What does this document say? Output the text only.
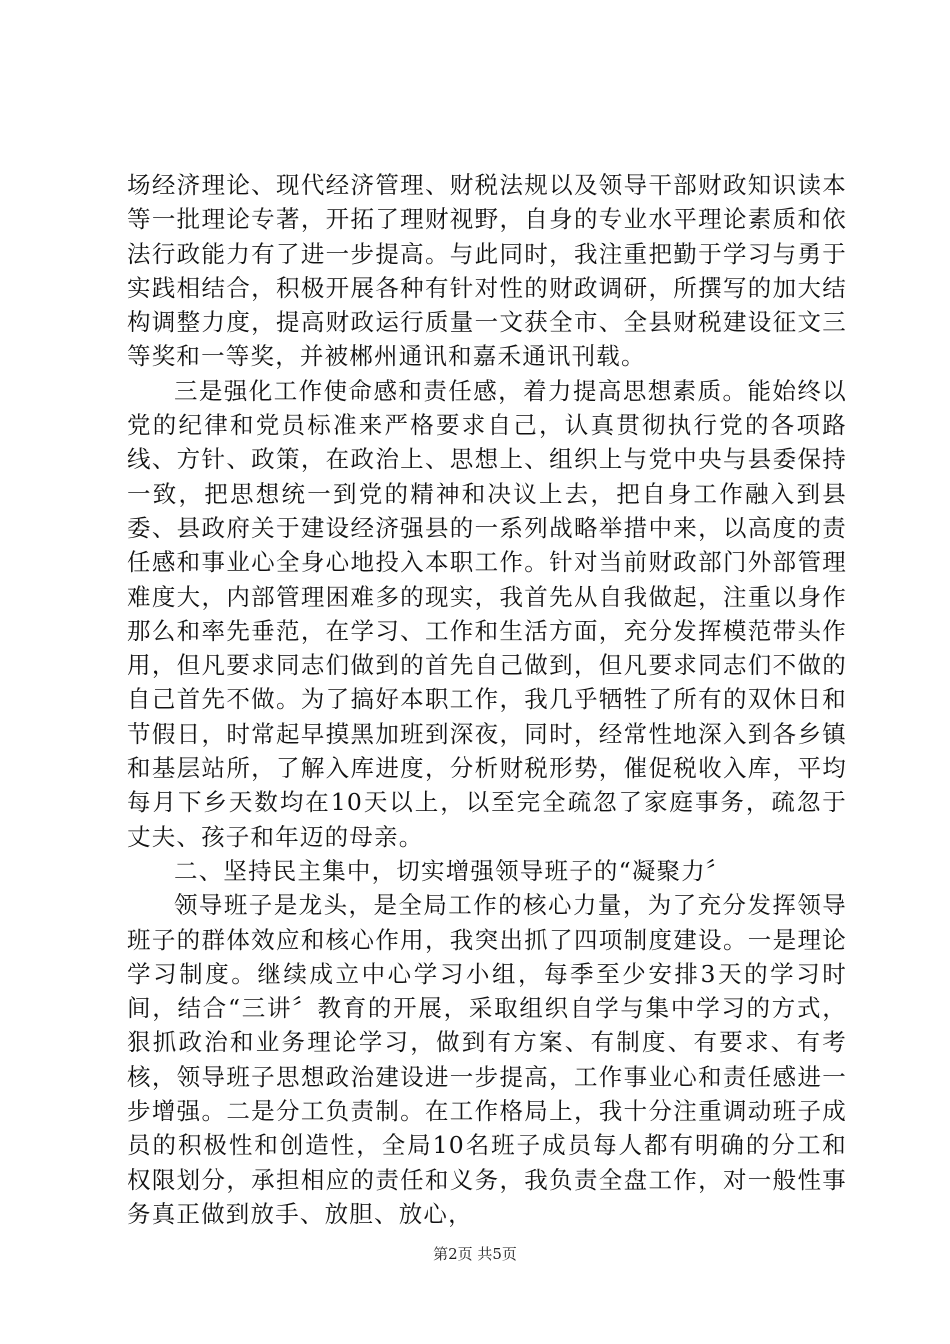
场经济理论、现代经济管理、财税法规以及领导干部财政知识读本等一批理论专著，开拓了理财视野，自身的专业水平理论素质和依法行政能力有了进一步提高。与此同时，我注重把勤于学习与勇于实践相结合，积极开展各种有针对性的财政调研，所撰写的加大结构调整力度，提高财政运行质量一文获全市、全县财税建设征文三等奖和一等奖，并被郴州通讯和嘉禾通讯刊载。

三是强化工作使命感和责任感，着力提高思想素质。能始终以党的纪律和党员标准来严格要求自己，认真贯彻执行党的各项路线、方针、政策，在政治上、思想上、组织上与党中央与县委保持一致，把思想统一到党的精神和决议上去，把自身工作融入到县委、县政府关于建设经济强县的一系列战略举措中来，以高度的责任感和事业心全身心地投入本职工作。针对当前财政部门外部管理难度大，内部管理困难多的现实，我首先从自我做起，注重以身作那么和率先垂范，在学习、工作和生活方面，充分发挥模范带头作用，但凡要求同志们做到的首先自己做到，但凡要求同志们不做的自己首先不做。为了搞好本职工作，我几乎牺牲了所有的双休日和节假日，时常起早摸黑加班到深夜，同时，经常性地深入到各乡镇和基层站所，了解入库进度，分析财税形势，催促税收入库，平均每月下乡天数均在10天以上，以至完全疏忽了家庭事务，疏忽于丈夫、孩子和年迈的母亲。

二、坚持民主集中，切实增强领导班子的“凝聚力〞

领导班子是龙头，是全局工作的核心力量，为了充分发挥领导班子的群体效应和核心作用，我突出抓了四项制度建设。一是理论学习制度。继续成立中心学习小组，每季至少安排3天的学习时间，结合“三讲〞教育的开展，采取组织自学与集中学习的方式，狠抓政治和业务理论学习，做到有方案、有制度、有要求、有考核，领导班子思想政治建设进一步提高，工作事业心和责任感进一步增强。二是分工负责制。在工作格局上，我十分注重调动班子成员的积极性和创造性，全局10名班子成员每人都有明确的分工和权限划分，承担相应的责任和义务，我负责全盘工作，对一般性事务真正做到放手、放胆、放心，

第2页 共5页
